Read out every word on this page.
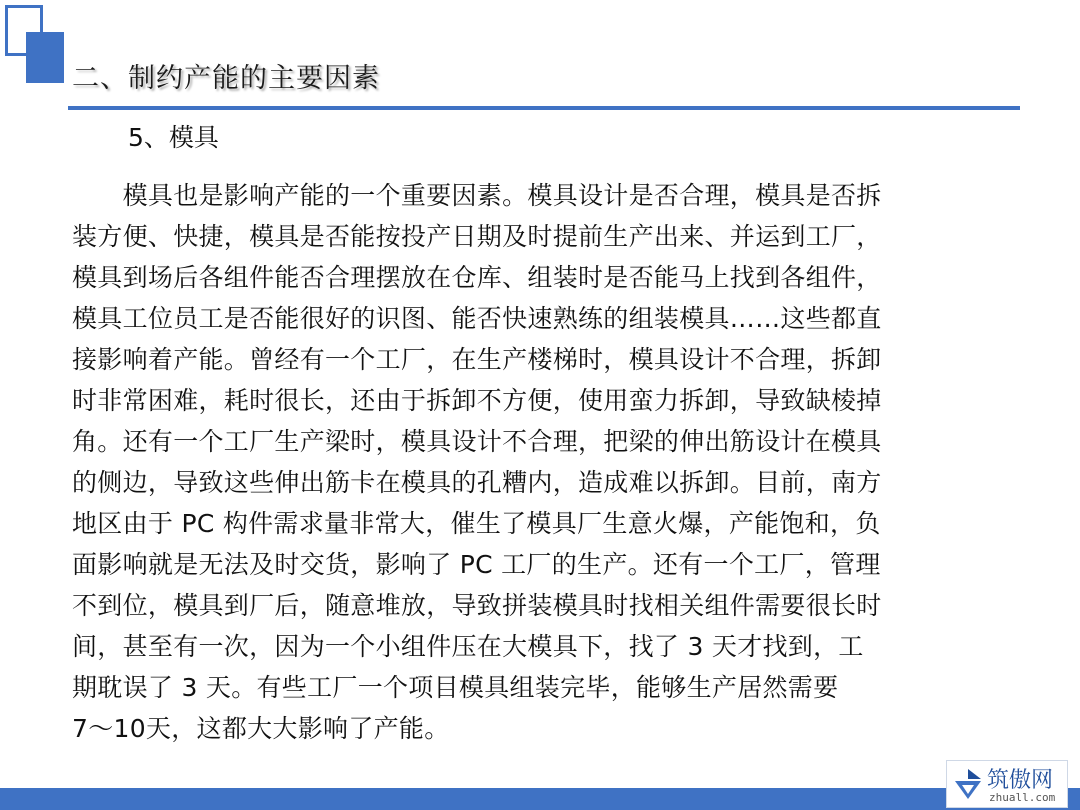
二、制约产能的主要因素
5、模具
　　模具也是影响产能的一个重要因素。模具设计是否合理，模具是否拆
装方便、快捷，模具是否能按投产日期及时提前生产出来、并运到工厂，
模具到场后各组件能否合理摆放在仓库、组装时是否能马上找到各组件，
模具工位员工是否能很好的识图、能否快速熟练的组装模具……这些都直
接影响着产能。曾经有一个工厂，在生产楼梯时，模具设计不合理，拆卸
时非常困难，耗时很长，还由于拆卸不方便，使用蛮力拆卸，导致缺棱掉
角。还有一个工厂生产梁时，模具设计不合理，把梁的伸出筋设计在模具
的侧边，导致这些伸出筋卡在模具的孔糟内，造成难以拆卸。目前，南方
地区由于 PC 构件需求量非常大，催生了模具厂生意火爆，产能饱和，负
面影响就是无法及时交货，影响了 PC 工厂的生产。还有一个工厂，管理
不到位，模具到厂后，随意堆放，导致拼装模具时找相关组件需要很长时
间，甚至有一次，因为一个小组件压在大模具下，找了 3 天才找到，工
期耽误了 3 天。有些工厂一个项目模具组装完毕，能够生产居然需要
7～10天，这都大大影响了产能。
筑傲网
zhuall.com
